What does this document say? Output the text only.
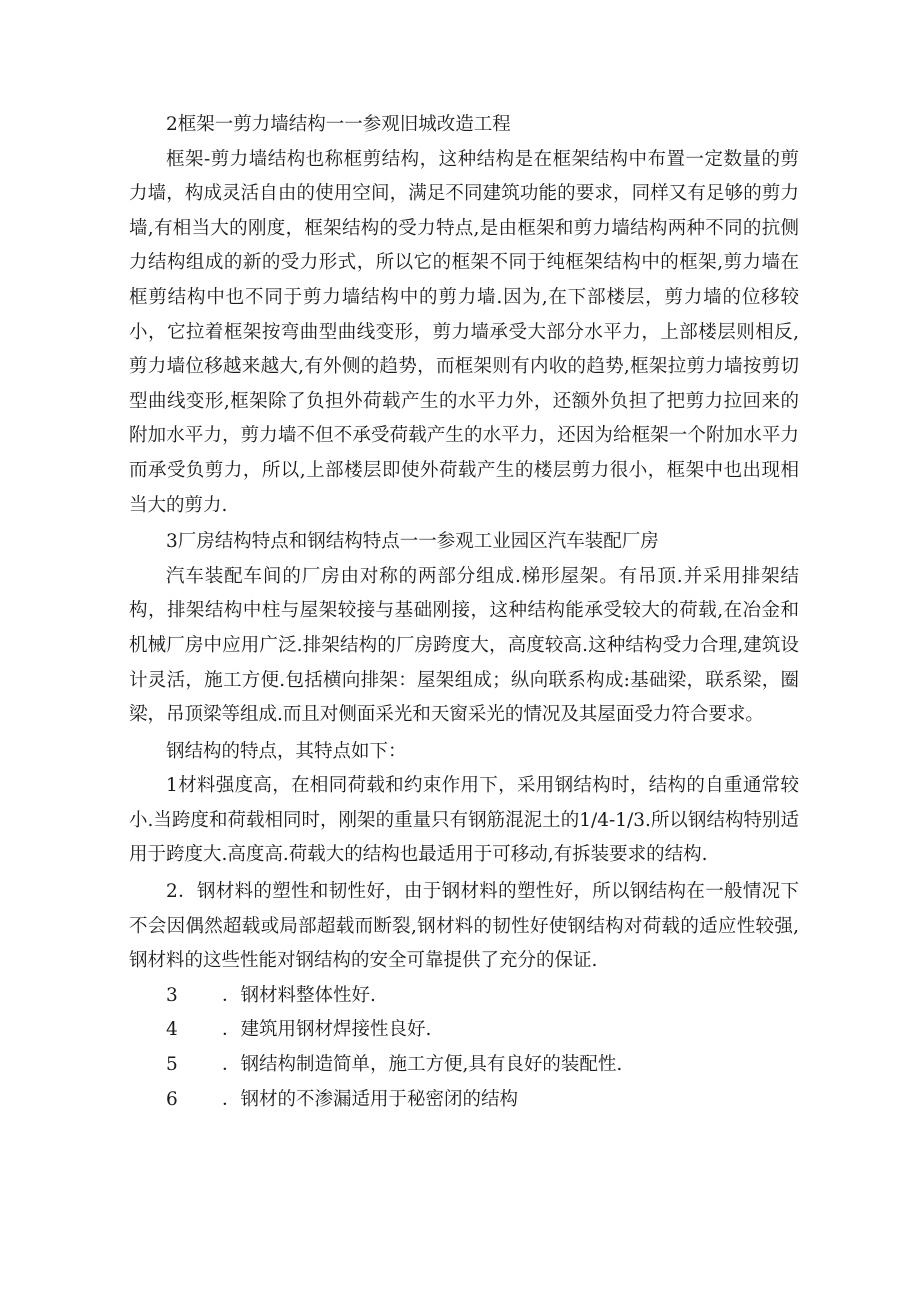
2框架一剪力墙结构一一参观旧城改造工程

框架-剪力墙结构也称框剪结构，这种结构是在框架结构中布置一定数量的剪力墙，构成灵活自由的使用空间，满足不同建筑功能的要求，同样又有足够的剪力墙,有相当大的刚度，框架结构的受力特点,是由框架和剪力墙结构两种不同的抗侧力结构组成的新的受力形式，所以它的框架不同于纯框架结构中的框架,剪力墙在框剪结构中也不同于剪力墙结构中的剪力墙.因为,在下部楼层，剪力墙的位移较小，它拉着框架按弯曲型曲线变形，剪力墙承受大部分水平力，上部楼层则相反,剪力墙位移越来越大,有外侧的趋势，而框架则有内收的趋势,框架拉剪力墙按剪切型曲线变形,框架除了负担外荷载产生的水平力外，还额外负担了把剪力拉回来的附加水平力，剪力墙不但不承受荷载产生的水平力，还因为给框架一个附加水平力而承受负剪力，所以,上部楼层即使外荷载产生的楼层剪力很小，框架中也出现相当大的剪力.

3厂房结构特点和钢结构特点一一参观工业园区汽车装配厂房

汽车装配车间的厂房由对称的两部分组成.梯形屋架。有吊顶.并采用排架结构，排架结构中柱与屋架较接与基础刚接，这种结构能承受较大的荷载,在冶金和机械厂房中应用广泛.排架结构的厂房跨度大，高度较高.这种结构受力合理,建筑设计灵活，施工方便.包括横向排架：屋架组成；纵向联系构成:基础梁，联系梁，圈梁，吊顶梁等组成.而且对侧面采光和天窗采光的情况及其屋面受力符合要求。

钢结构的特点，其特点如下：

1材料强度高，在相同荷载和约束作用下，采用钢结构时，结构的自重通常较小.当跨度和荷载相同时，刚架的重量只有钢筋混泥土的1/4-1/3.所以钢结构特别适用于跨度大.高度高.荷载大的结构也最适用于可移动,有拆装要求的结构.

2．钢材料的塑性和韧性好，由于钢材料的塑性好，所以钢结构在一般情况下不会因偶然超载或局部超载而断裂,钢材料的韧性好使钢结构对荷载的适应性较强,钢材料的这些性能对钢结构的安全可靠提供了充分的保证.

3 ．钢材料整体性好.

4 ．建筑用钢材焊接性良好.

5 ．钢结构制造简单，施工方便,具有良好的装配性.

6 ．钢材的不渗漏适用于秘密闭的结构
